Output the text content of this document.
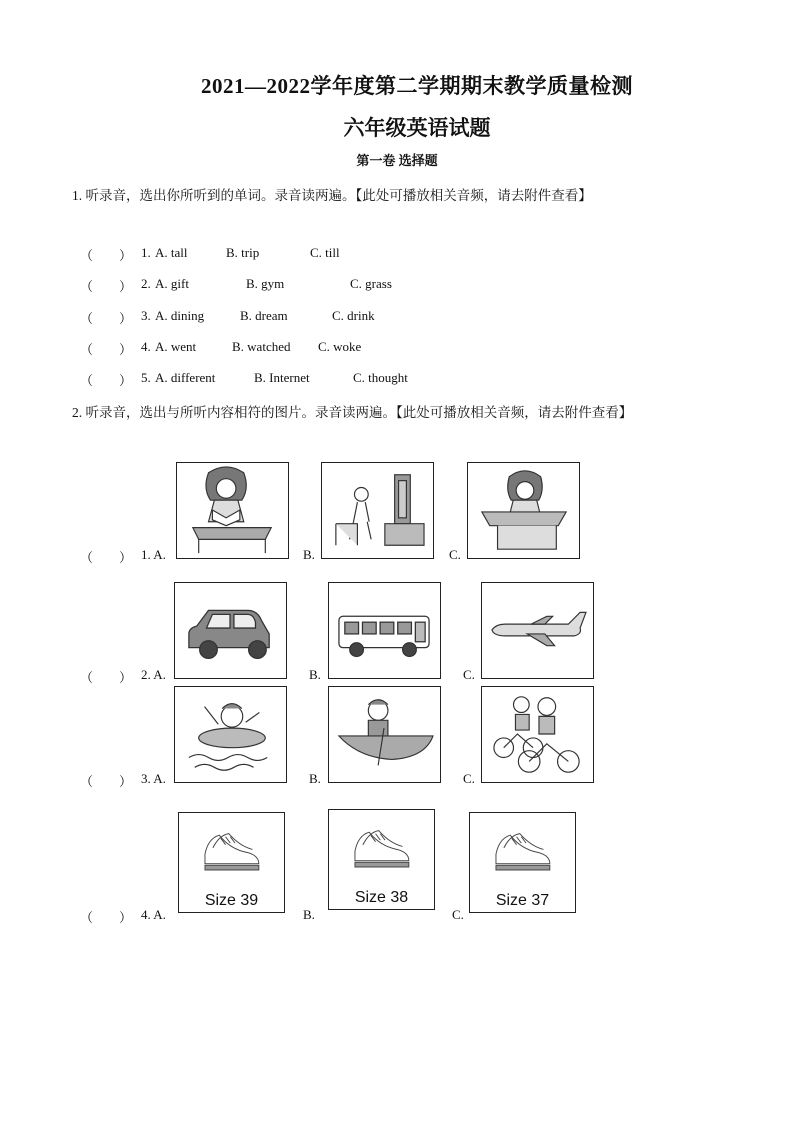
2021—2022学年度第二学期期末教学质量检测
六年级英语试题
第一卷 选择题
1. 听录音，选出你所听到的单词。录音读两遍。【此处可播放相关音频，请去附件查看】
（　　） 1. A. tall	B. trip	C. till
（　　） 2. A. gift	B. gym	C. grass
（　　） 3. A. dining	B. dream	C. drink
（　　） 4. A. went	B. watched C. woke
（　　） 5. A. different	B. Internet	C. thought
2. 听录音，选出与所听内容相符的图片。录音读两遍。【此处可播放相关音频，请去附件查看】
（　　） 1. A.	B.	C.
（　　） 2. A.	B.	C.
（　　） 3. A.	B.	C.
（　　） 4. A.
Size 39
B.
Size 38
C.
Size 37
